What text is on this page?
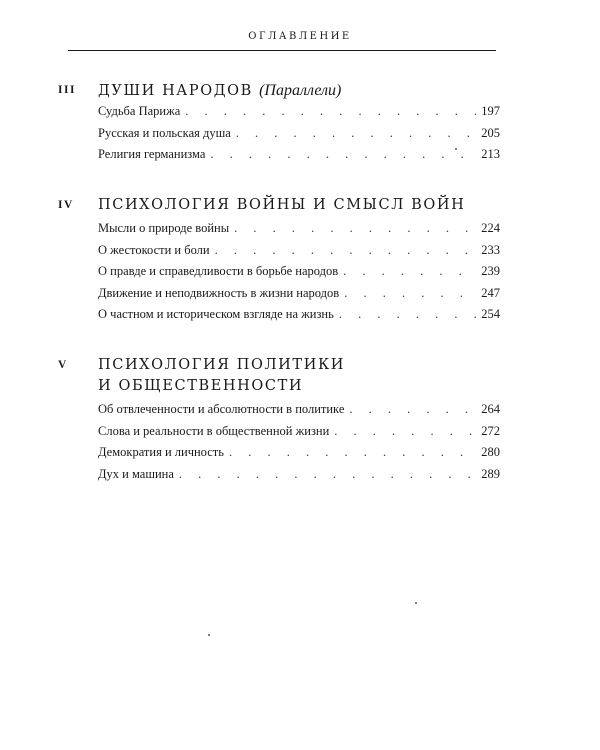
ОГЛАВЛЕНИЕ
III ДУШИ НАРОДОВ (Параллели)
Судьба Парижа . . .	197
Русская и польская душа . . .	205
Религия германизма . . .	213
IV ПСИХОЛОГИЯ ВОЙНЫ И СМЫСЛ ВОЙН
Мысли о природе войны . . .	224
О жестокости и боли . . .	233
О правде и справедливости в борьбе народов . . .	239
Движение и неподвижность в жизни народов . . .	247
О частном и историческом взгляде на жизнь . . .	254
V ПСИХОЛОГИЯ ПОЛИТИКИ
И ОБЩЕСТВЕННОСТИ
Об отвлеченности и абсолютности в политике . . .	264
Слова и реальности в общественной жизни . . .	272
Демократия и личность . . .	280
Дух и машина . . .	289
